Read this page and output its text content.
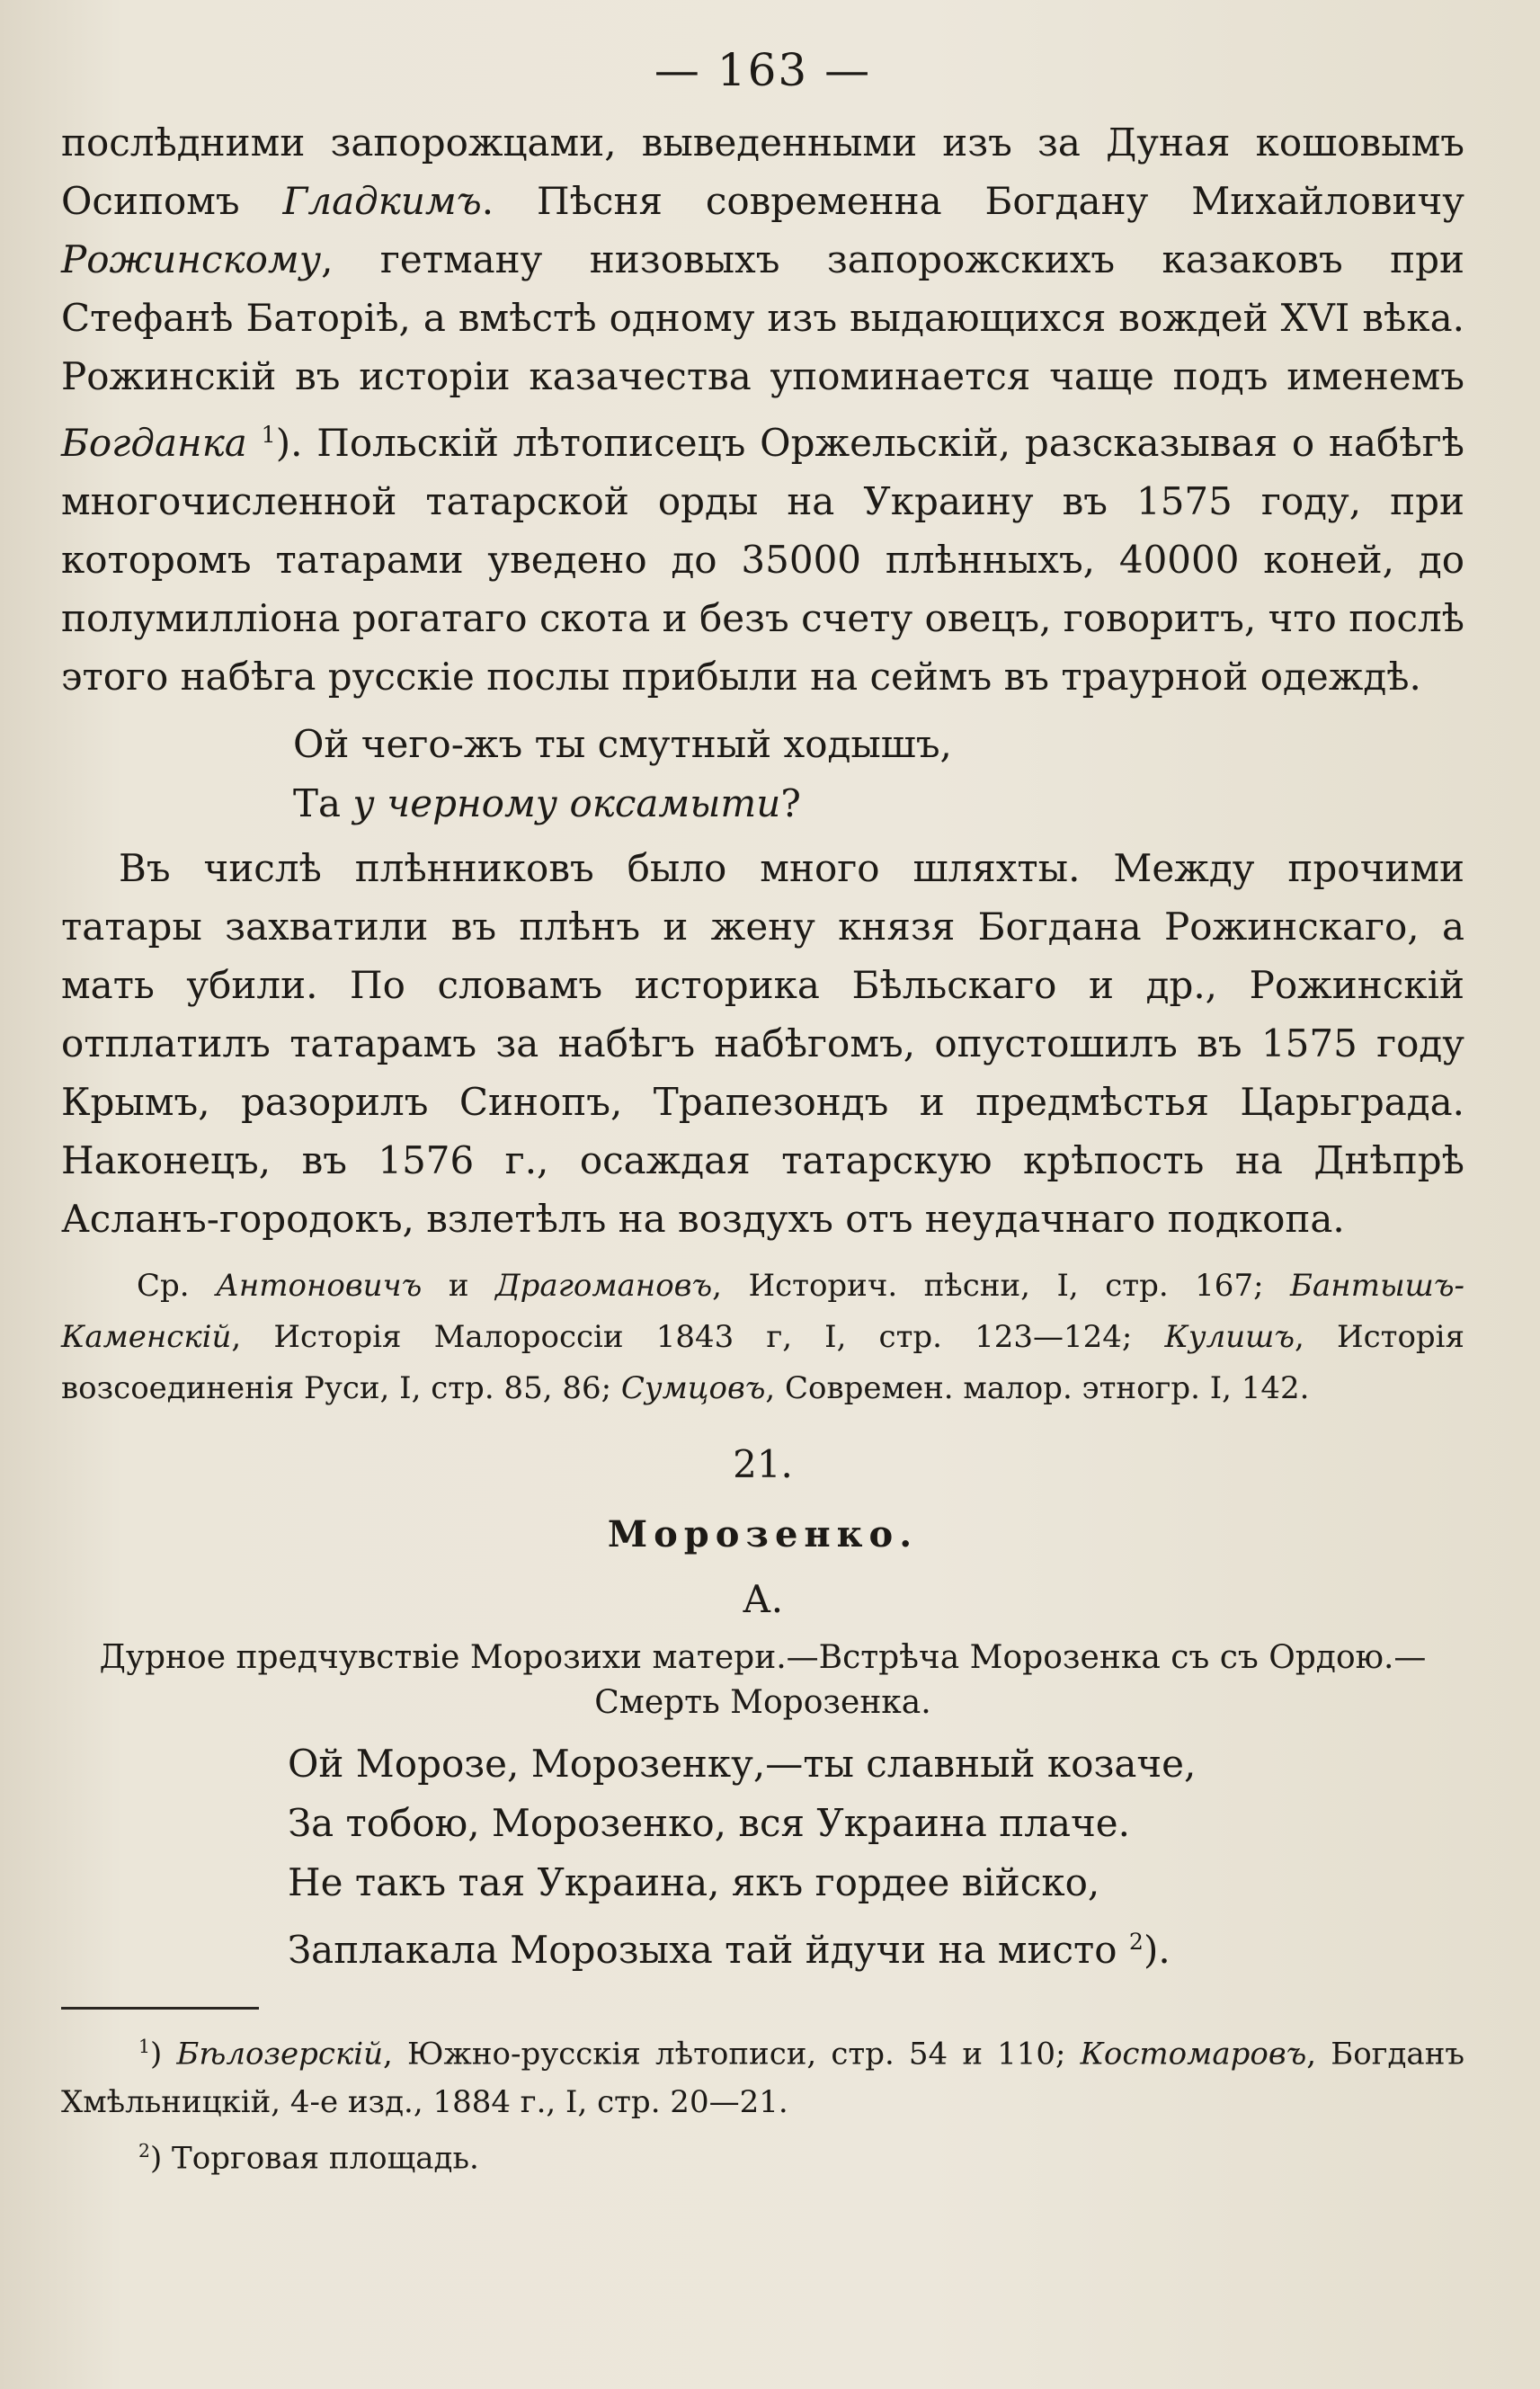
— 163 —

послѣдними запорожцами, выведенными изъ за Дуная кошовымъ Осипомъ Гладкимъ. Пѣсня современна Богдану Михайловичу Рожинскому, гетману низовыхъ запорожскихъ казаковъ при Стефанѣ Баторіѣ, а вмѣстѣ одному изъ выдающихся вождей XVI вѣка. Рожинскій въ исторіи казачества упоминается чаще подъ именемъ Богданка $^1$). Польскій лѣтописецъ Оржельскій, разсказывая о набѣгѣ многочисленной татарской орды на Украину въ 1575 году, при которомъ татарами уведено до 35000 плѣнныхъ, 40000 коней, до полумилліона рогатаго скота и безъ счету овецъ, говоритъ, что послѣ этого набѣга русскіе послы прибыли на сеймъ въ траурной одеждѣ.

Ой чего-жъ ты смутный ходышъ,
Та у черному оксамыти?

Въ числѣ плѣнниковъ было много шляхты. Между прочими татары захватили въ плѣнъ и жену князя Богдана Рожинскаго, а мать убили. По словамъ историка Бѣльскаго и др., Рожинскій отплатилъ татарамъ за набѣгъ набѣгомъ, опустошилъ въ 1575 году Крымъ, разорилъ Синопъ, Трапезондъ и предмѣстья Царьграда. Наконецъ, въ 1576 г., осаждая татарскую крѣпость на Днѣпрѣ Асланъ-городокъ, взлетѣлъ на воздухъ отъ неудачнаго подкопа.

Ср. Антоновичъ и Драгомановъ, Историч. пѣсни, I, стр. 167; Бантышъ-Каменскій, Исторія Малороссіи 1843 г, I, стр. 123—124; Кулишъ, Исторія возсоединенія Руси, I, стр. 85, 86; Сумцовъ, Современ. малор. этногр. I, 142.

21.
Морозенко.
А.
Дурное предчувствіе Морозихи матери.—Встрѣча Морозенка съ съ Ордою.—Смерть Морозенка.
Ой Морозе, Морозенку,—ты славный козаче,
За тобою, Морозенко, вся Украина плаче.
Не такъ тая Украина, якъ гордее війско,
Заплакала Морозыха тай йдучи на мисто $^2$).

$^1$) Бѣлозерскій, Южно-русскія лѣтописи, стр. 54 и 110; Костомаровъ, Богданъ Хмѣльницкій, 4-е изд., 1884 г., I, стр. 20—21.

$^2$) Торговая площадь.
